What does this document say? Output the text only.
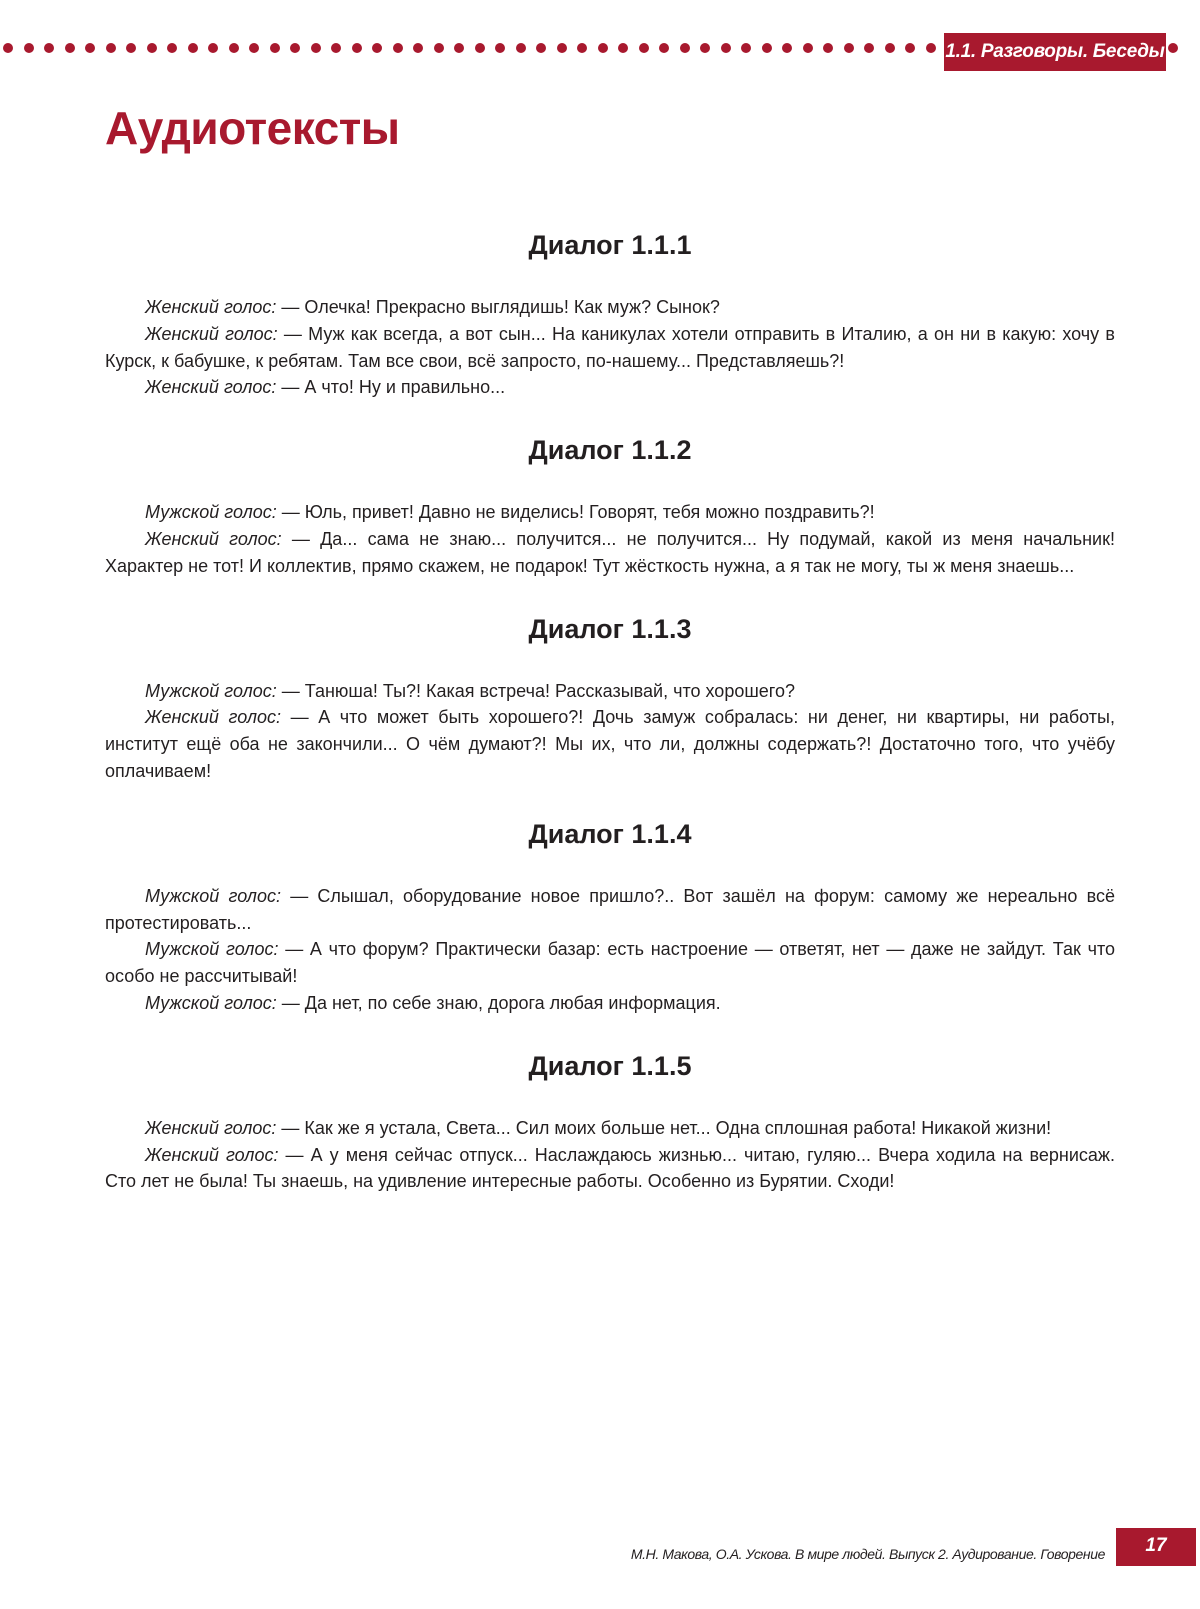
1.1. Разговоры. Беседы
Аудиотексты
Диалог 1.1.1

Женский голос: — Олечка! Прекрасно выглядишь! Как муж? Сынок?

Женский голос: — Муж как всегда, а вот сын... На каникулах хотели отправить в Италию, а он ни в какую: хочу в Курск, к бабушке, к ребятам. Там все свои, всё запросто, по-нашему... Представляешь?!

Женский голос: — А что! Ну и правильно...

Диалог 1.1.2

Мужской голос: — Юль, привет! Давно не виделись! Говорят, тебя можно поздравить?!

Женский голос: — Да... сама не знаю... получится... не получится... Ну подумай, какой из меня начальник! Характер не тот! И коллектив, прямо скажем, не подарок! Тут жёсткость нужна, а я так не могу, ты ж меня знаешь...

Диалог 1.1.3

Мужской голос: — Танюша! Ты?! Какая встреча! Рассказывай, что хорошего?

Женский голос: — А что может быть хорошего?! Дочь замуж собралась: ни денег, ни квартиры, ни работы, институт ещё оба не закончили... О чём думают?! Мы их, что ли, должны содержать?! Достаточно того, что учёбу оплачиваем!

Диалог 1.1.4

Мужской голос: — Слышал, оборудование новое пришло?.. Вот зашёл на форум: самому же нереально всё протестировать...

Мужской голос: — А что форум? Практически базар: есть настроение — ответят, нет — даже не зайдут. Так что особо не рассчитывай!

Мужской голос: — Да нет, по себе знаю, дорога любая информация.

Диалог 1.1.5

Женский голос: — Как же я устала, Света... Сил моих больше нет... Одна сплошная работа! Никакой жизни!

Женский голос: — А у меня сейчас отпуск... Наслаждаюсь жизнью... читаю, гуляю... Вчера ходила на вернисаж. Сто лет не была! Ты знаешь, на удивление интересные работы. Особенно из Бурятии. Сходи!

М.Н. Макова, О.А. Ускова. В мире людей. Выпуск 2. Аудирование. Говорение	17
